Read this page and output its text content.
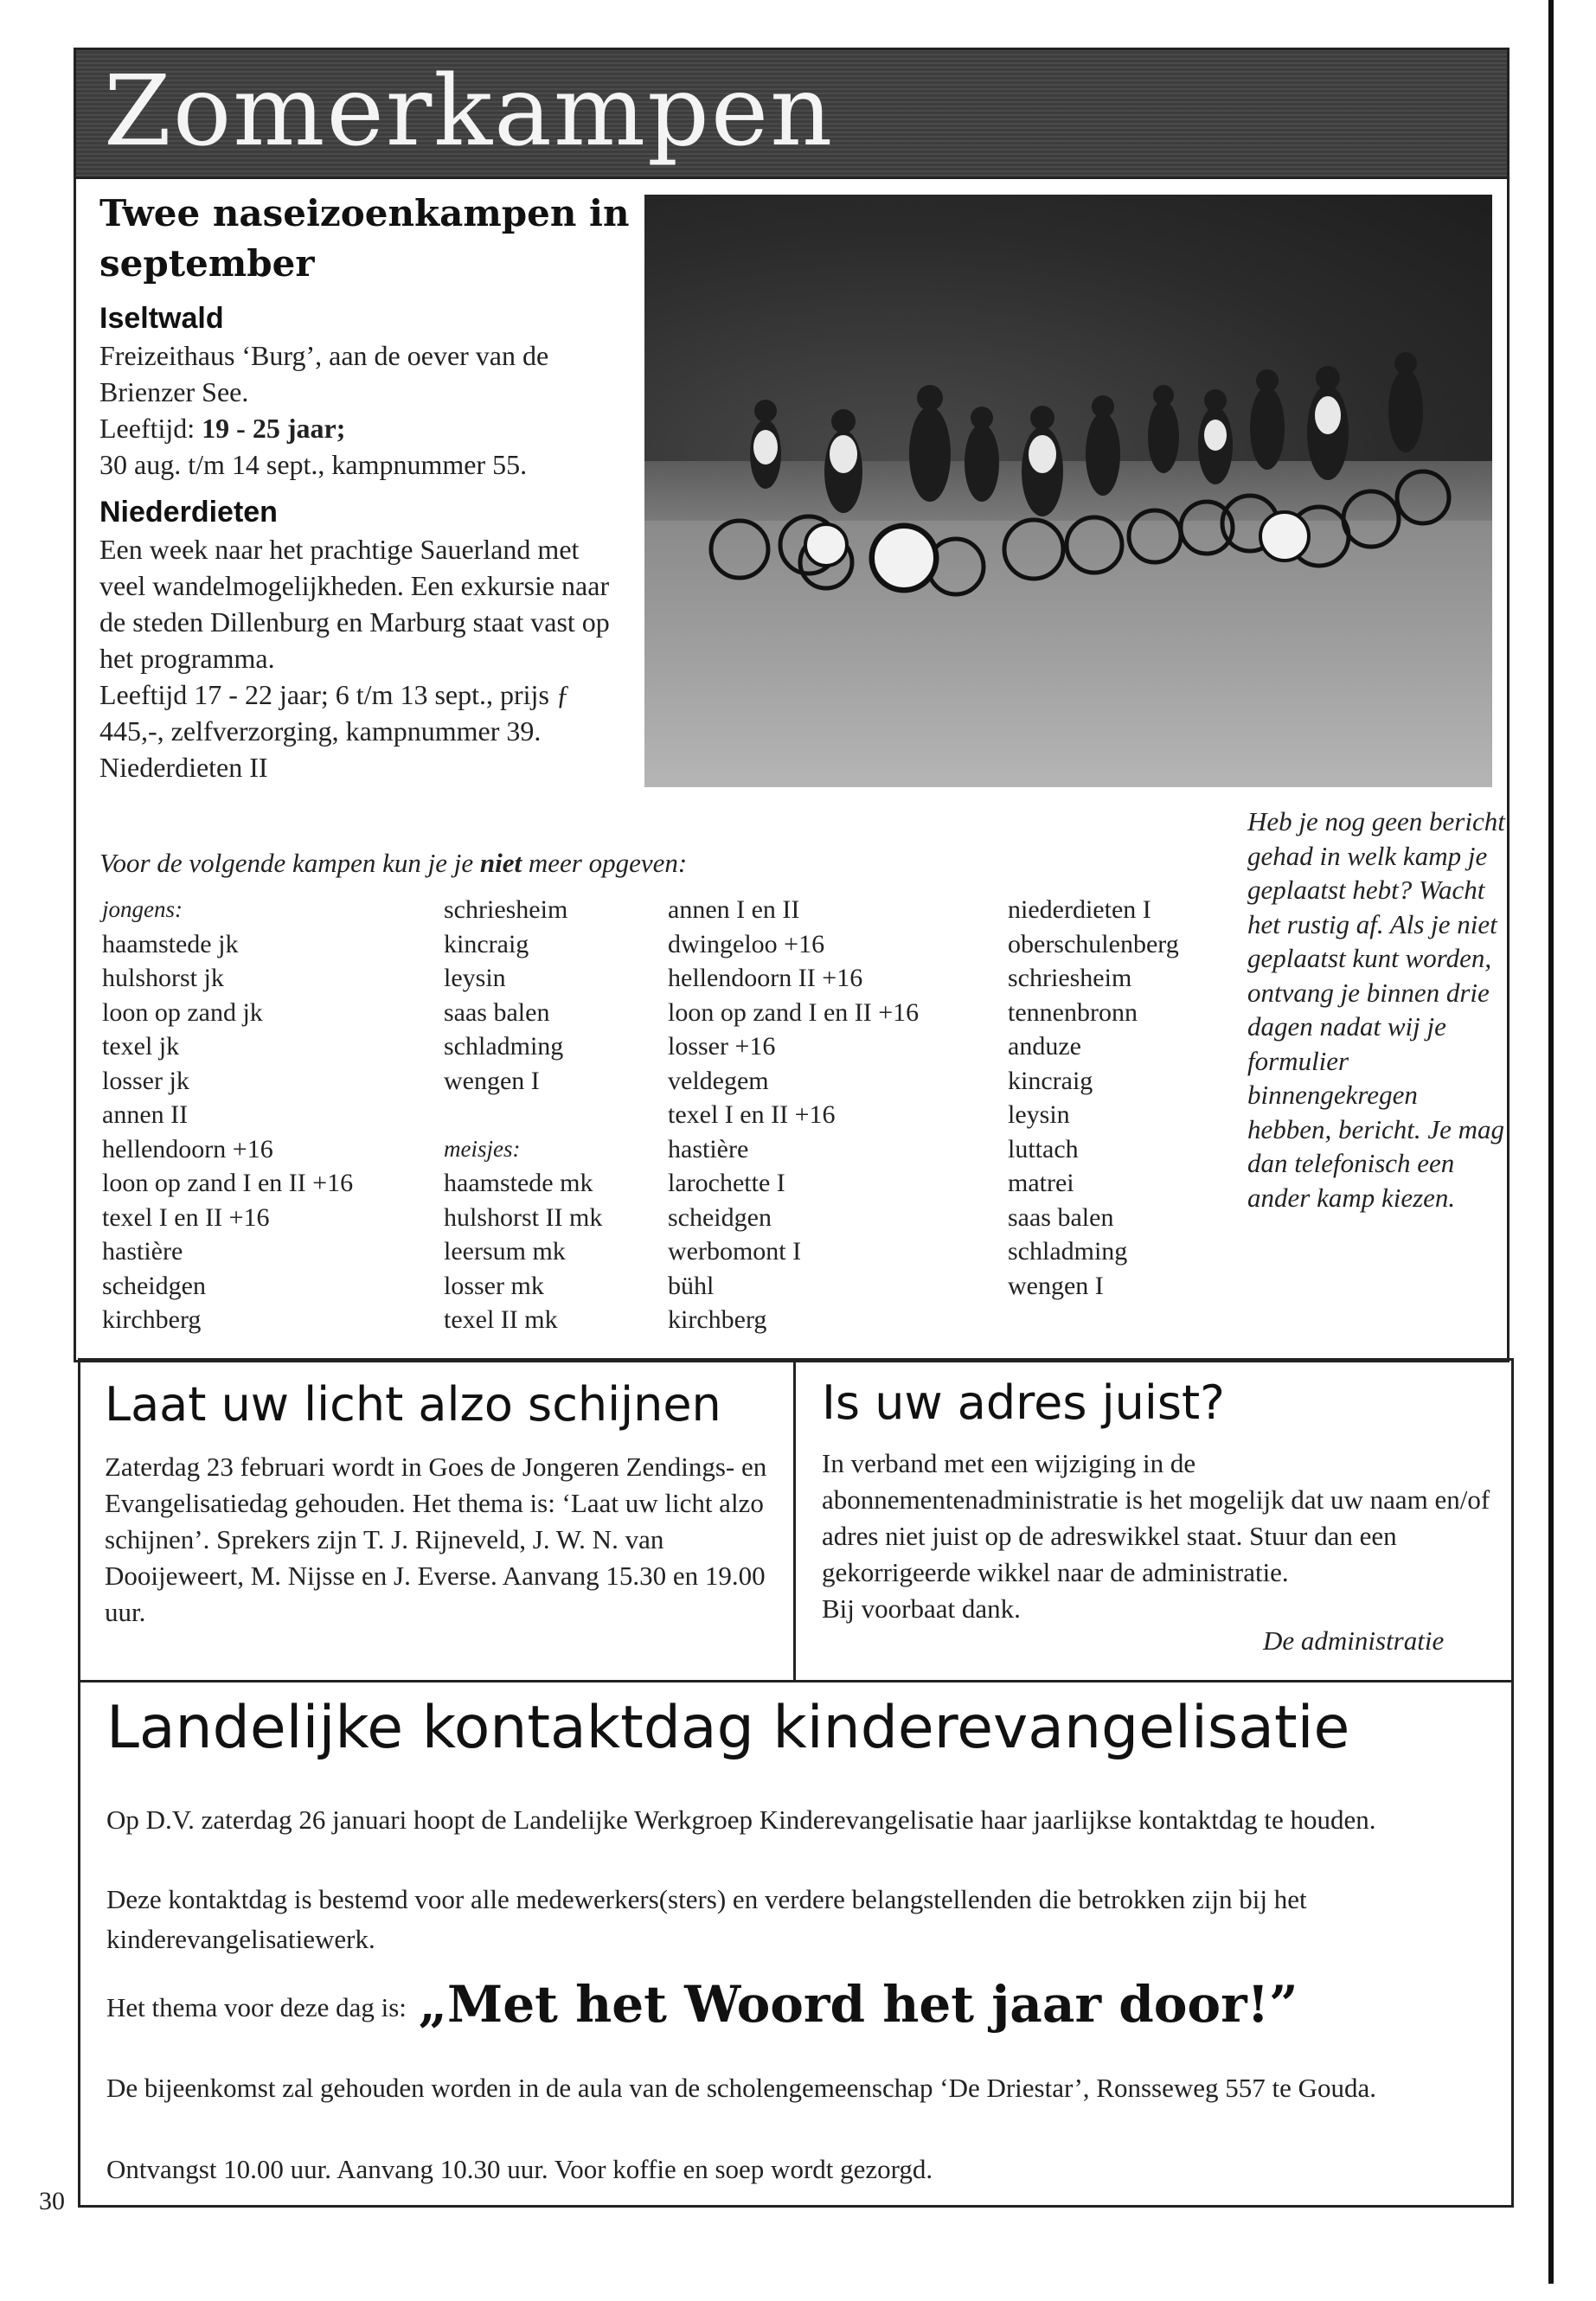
Zomerkampen
Twee naseizoenkampen in september
Iseltwald
Freizeithaus ‘Burg’, aan de oever van de Brienzer See.
Leeftijd: 19 - 25 jaar;
30 aug. t/m 14 sept., kampnummer 55.
Niederdieten
Een week naar het prachtige Sauerland met veel wandelmogelijkheden. Een exkursie naar de steden Dillenburg en Marburg staat vast op het programma.
Leeftijd 17 - 22 jaar; 6 t/m 13 sept., prijs ƒ 445,-, zelfverzorging, kampnummer 39. Niederdieten II
Voor de volgende kampen kun je je niet meer opgeven:
jongens:
haamstede jk
hulshorst jk
loon op zand jk
texel jk
losser jk
annen II
hellendoorn +16
loon op zand I en II +16
texel I en II +16
hastière
scheidgen
kirchberg
schriesheim
kincraig
leysin
saas balen
schladming
wengen I

meisjes:
haamstede mk
hulshorst II mk
leersum mk
losser mk
texel II mk
annen I en II
dwingeloo +16
hellendoorn II +16
loon op zand I en II +16
losser +16
veldegem
texel I en II +16
hastière
larochette I
scheidgen
werbomont I
bühl
kirchberg
niederdieten I
oberschulenberg
schriesheim
tennenbronn
anduze
kincraig
leysin
luttach
matrei
saas balen
schladming
wengen I
Heb je nog geen bericht gehad in welk kamp je geplaatst hebt? Wacht het rustig af. Als je niet geplaatst kunt worden, ontvang je binnen drie dagen nadat wij je formulier binnengekregen hebben, bericht. Je mag dan telefonisch een ander kamp kiezen.
Laat uw licht alzo schijnen
Zaterdag 23 februari wordt in Goes de Jongeren Zendings- en Evangelisatiedag gehouden. Het thema is: ‘Laat uw licht alzo schijnen’. Sprekers zijn T. J. Rijneveld, J. W. N. van Dooijeweert, M. Nijsse en J. Everse. Aanvang 15.30 en 19.00 uur.
Is uw adres juist?

In verband met een wijziging in de abonnementenadministratie is het mogelijk dat uw naam en/of adres niet juist op de adreswikkel staat. Stuur dan een gekorrigeerde wikkel naar de administratie.

Bij voorbaat dank.

De administratie
Landelijke kontaktdag kinderevangelisatie
Op D.V. zaterdag 26 januari hoopt de Landelijke Werkgroep Kinderevangelisatie haar jaarlijkse kontaktdag te houden.
Deze kontaktdag is bestemd voor alle medewerkers(sters) en verdere belangstellenden die betrokken zijn bij het kinderevangelisatiewerk.
Het thema voor deze dag is: „Met het Woord het jaar door!”
De bijeenkomst zal gehouden worden in de aula van de scholengemeenschap ‘De Driestar’, Ronsseweg 557 te Gouda.
Ontvangst 10.00 uur. Aanvang 10.30 uur. Voor koffie en soep wordt gezorgd.
30
